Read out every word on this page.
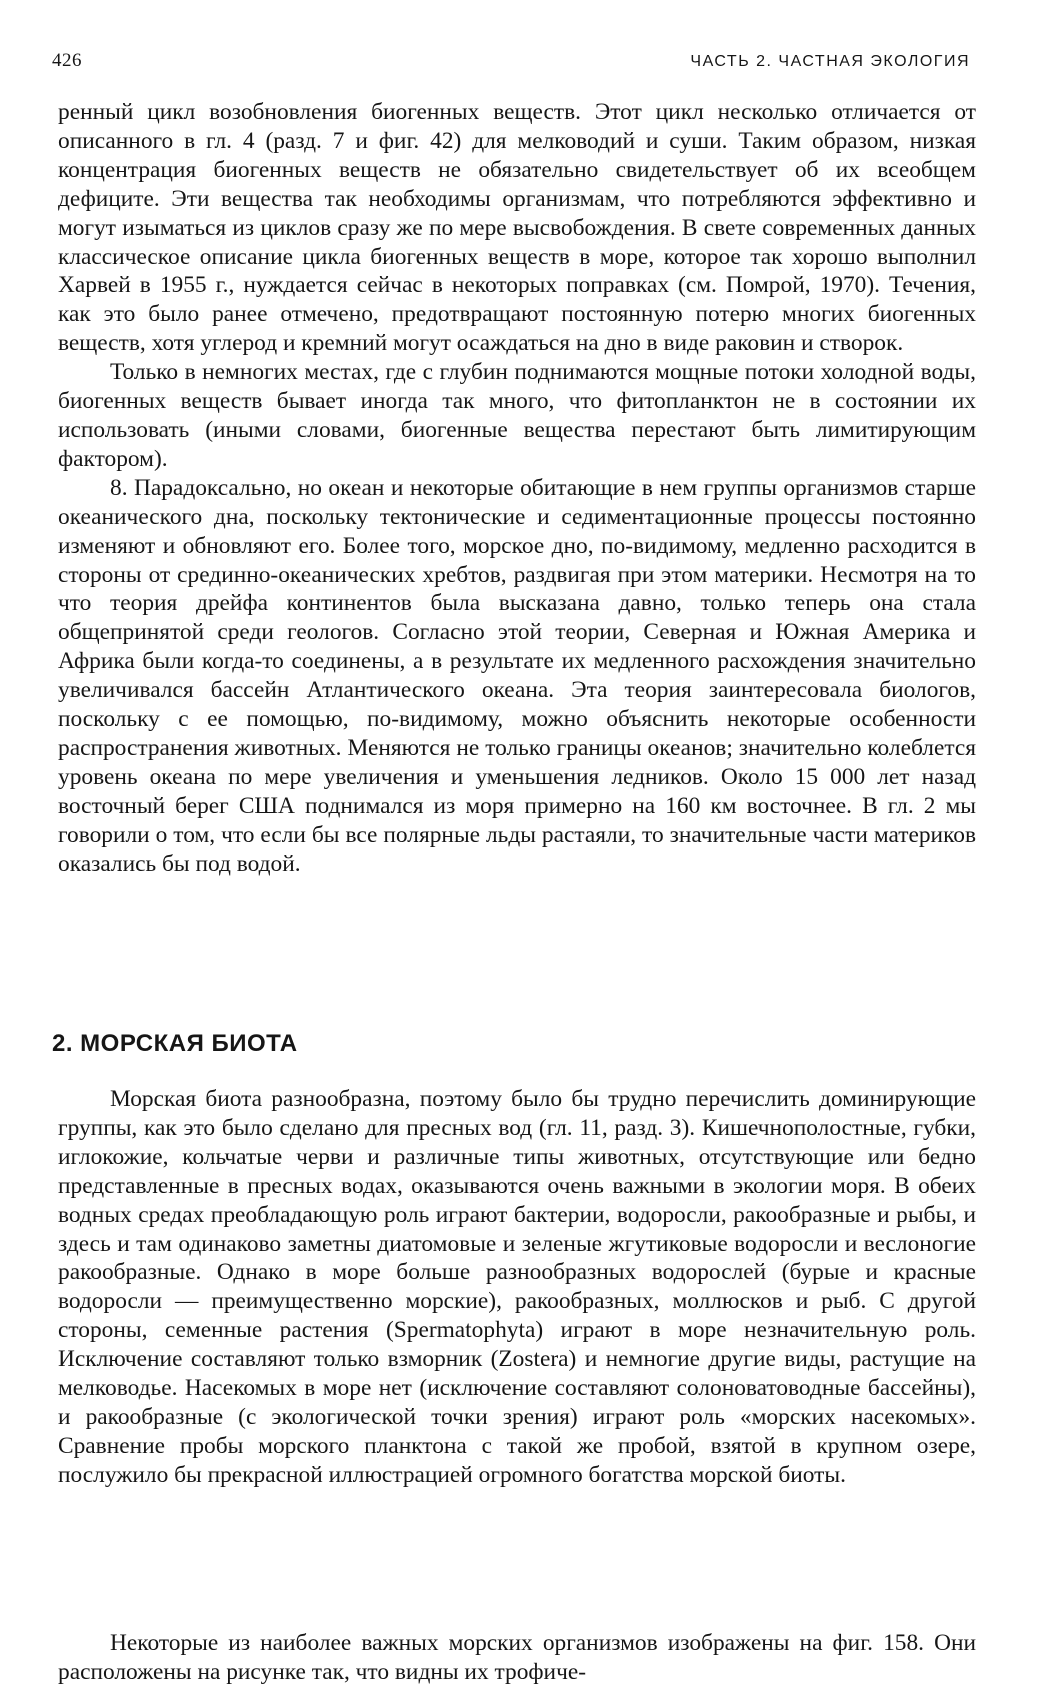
426	ЧАСТЬ 2. ЧАСТНАЯ ЭКОЛОГИЯ

ренный цикл возобновления биогенных веществ. Этот цикл несколько отличается от описанного в гл. 4 (разд. 7 и фиг. 42) для мелководий и суши. Таким образом, низкая концентрация биогенных веществ не обязательно свидетельствует об их всеобщем дефиците. Эти вещества так необходимы организмам, что потребляются эффективно и могут изыматься из циклов сразу же по мере высвобождения. В свете современных данных классическое описание цикла биогенных веществ в море, которое так хорошо выполнил Харвей в 1955 г., нуждается сейчас в некоторых поправках (см. Помрой, 1970). Течения, как это было ранее отмечено, предотвращают постоянную потерю многих биогенных веществ, хотя углерод и кремний могут осаждаться на дно в виде раковин и створок.

Только в немногих местах, где с глубин поднимаются мощные потоки холодной воды, биогенных веществ бывает иногда так много, что фитопланктон не в состоянии их использовать (иными словами, биогенные вещества перестают быть лимитирующим фактором).

8. Парадоксально, но океан и некоторые обитающие в нем группы организмов старше океанического дна, поскольку тектонические и седиментационные процессы постоянно изменяют и обновляют его. Более того, морское дно, по-видимому, медленно расходится в стороны от срединно-океанических хребтов, раздвигая при этом материки. Несмотря на то что теория дрейфа континентов была высказана давно, только теперь она стала общепринятой среди геологов. Согласно этой теории, Северная и Южная Америка и Африка были когда-то соединены, а в результате их медленного расхождения значительно увеличивался бассейн Атлантического океана. Эта теория заинтересовала биологов, поскольку с ее помощью, по-видимому, можно объяснить некоторые особенности распространения животных. Меняются не только границы океанов; значительно колеблется уровень океана по мере увеличения и уменьшения ледников. Около 15 000 лет назад восточный берег США поднимался из моря примерно на 160 км восточнее. В гл. 2 мы говорили о том, что если бы все полярные льды растаяли, то значительные части материков оказались бы под водой.

2. МОРСКАЯ БИОТА

Морская биота разнообразна, поэтому было бы трудно перечислить доминирующие группы, как это было сделано для пресных вод (гл. 11, разд. 3). Кишечнополостные, губки, иглокожие, кольчатые черви и различные типы животных, отсутствующие или бедно представленные в пресных водах, оказываются очень важными в экологии моря. В обеих водных средах преобладающую роль играют бактерии, водоросли, ракообразные и рыбы, и здесь и там одинаково заметны диатомовые и зеленые жгутиковые водоросли и веслоногие ракообразные. Однако в море больше разнообразных водорослей (бурые и красные водоросли — преимущественно морские), ракообразных, моллюсков и рыб. С другой стороны, семенные растения (Spermatophyta) играют в море незначительную роль. Исключение составляют только взморник (Zostera) и немногие другие виды, растущие на мелководье. Насекомых в море нет (исключение составляют солоноватоводные бассейны), и ракообразные (с экологической точки зрения) играют роль «морских насекомых». Сравнение пробы морского планктона с такой же пробой, взятой в крупном озере, послужило бы прекрасной иллюстрацией огромного богатства морской биоты.

Некоторые из наиболее важных морских организмов изображены на фиг. 158. Они расположены на рисунке так, что видны их трофиче-
